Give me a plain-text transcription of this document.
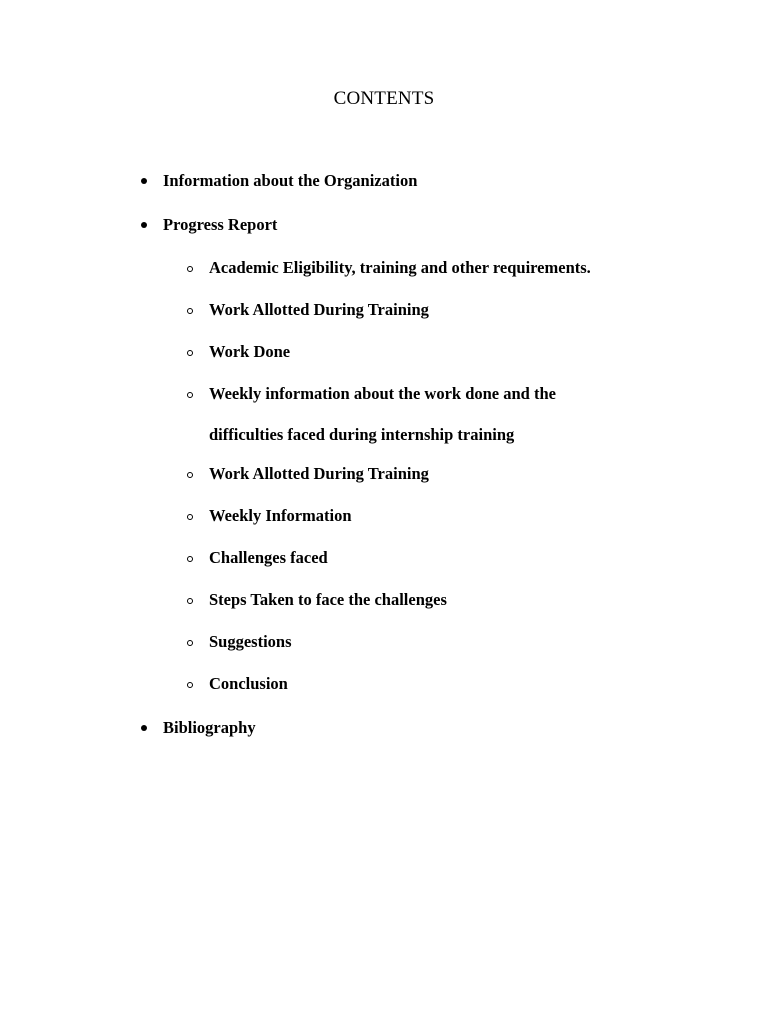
CONTENTS
Information about the Organization
Progress Report
Academic Eligibility, training and other requirements.
Work Allotted During Training
Work Done
Weekly information about the work done and the
difficulties faced during internship training
Work Allotted During Training
Weekly Information
Challenges faced
Steps Taken to face the challenges
Suggestions
Conclusion
Bibliography
